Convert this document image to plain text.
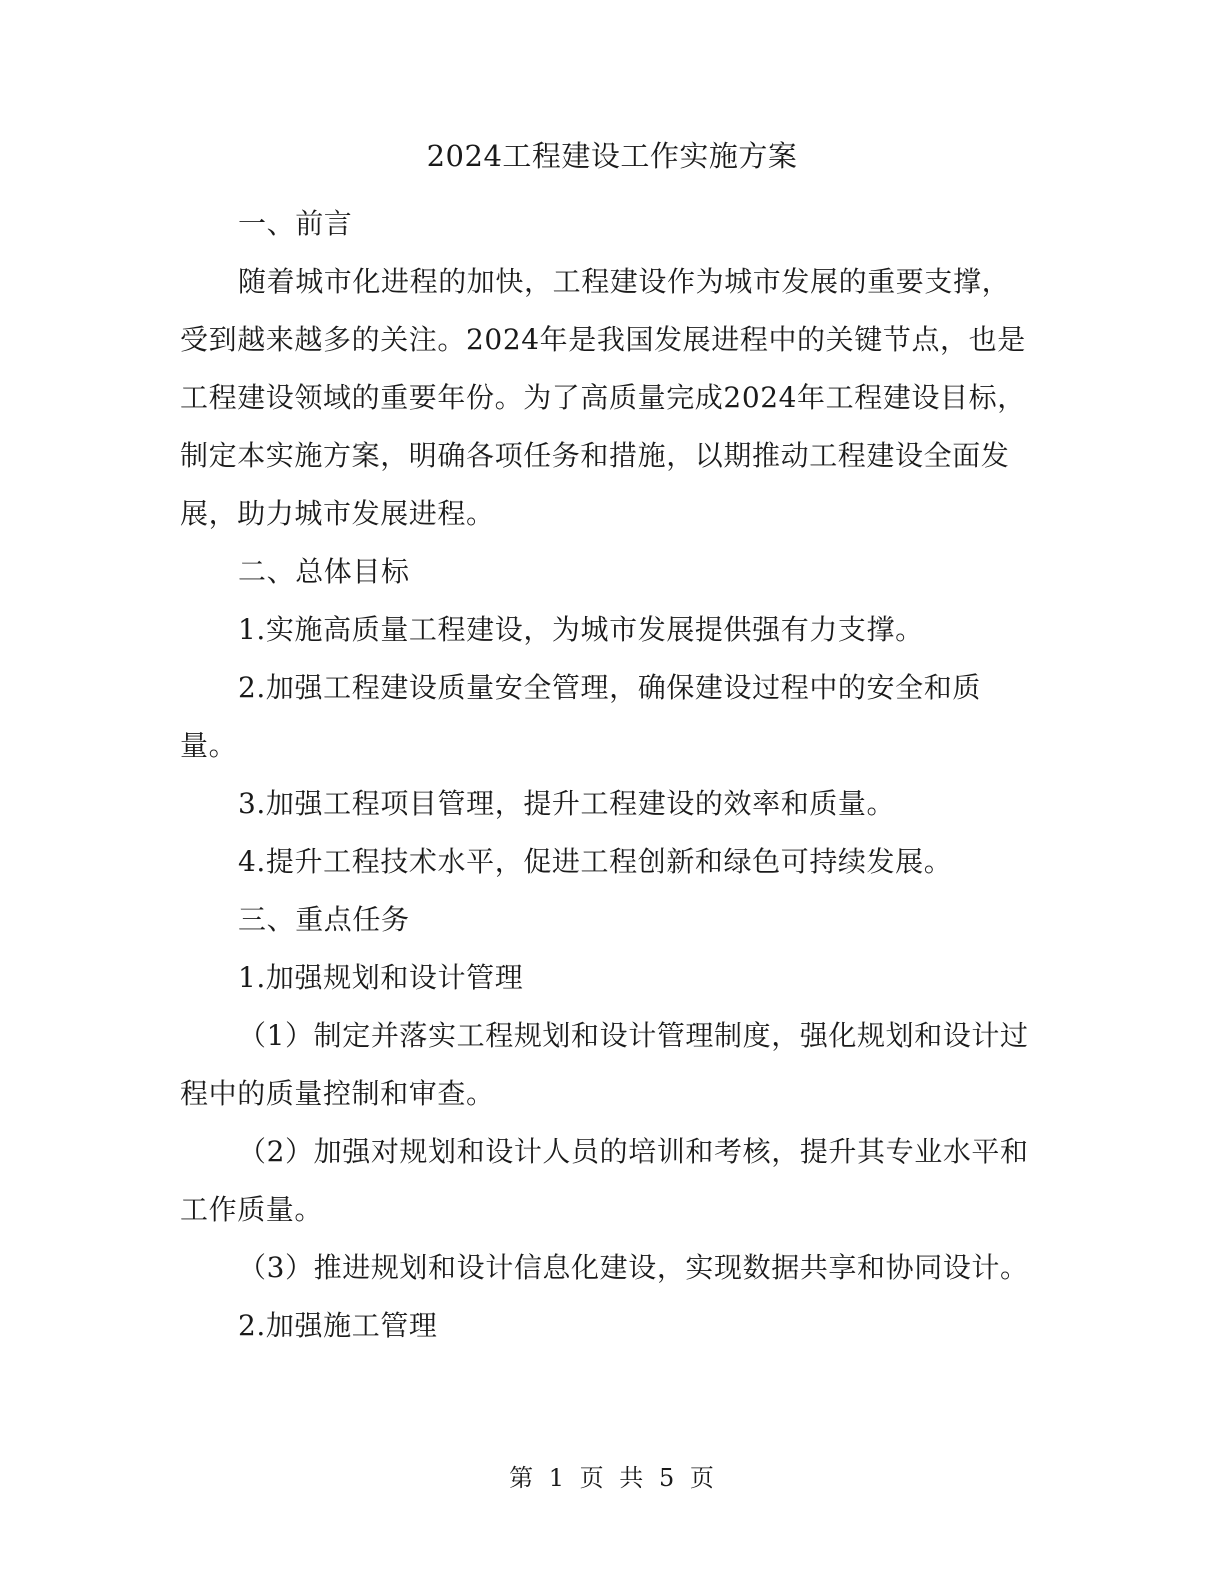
2024工程建设工作实施方案

一、前言

随着城市化进程的加快，工程建设作为城市发展的重要支撑，受到越来越多的关注。2024年是我国发展进程中的关键节点，也是工程建设领域的重要年份。为了高质量完成2024年工程建设目标，制定本实施方案，明确各项任务和措施，以期推动工程建设全面发展，助力城市发展进程。

二、总体目标

1.实施高质量工程建设，为城市发展提供强有力支撑。

2.加强工程建设质量安全管理，确保建设过程中的安全和质量。

3.加强工程项目管理，提升工程建设的效率和质量。

4.提升工程技术水平，促进工程创新和绿色可持续发展。

三、重点任务

1.加强规划和设计管理

（1）制定并落实工程规划和设计管理制度，强化规划和设计过程中的质量控制和审查。

（2）加强对规划和设计人员的培训和考核，提升其专业水平和工作质量。

（3）推进规划和设计信息化建设，实现数据共享和协同设计。

2.加强施工管理

第 1 页 共 5 页
